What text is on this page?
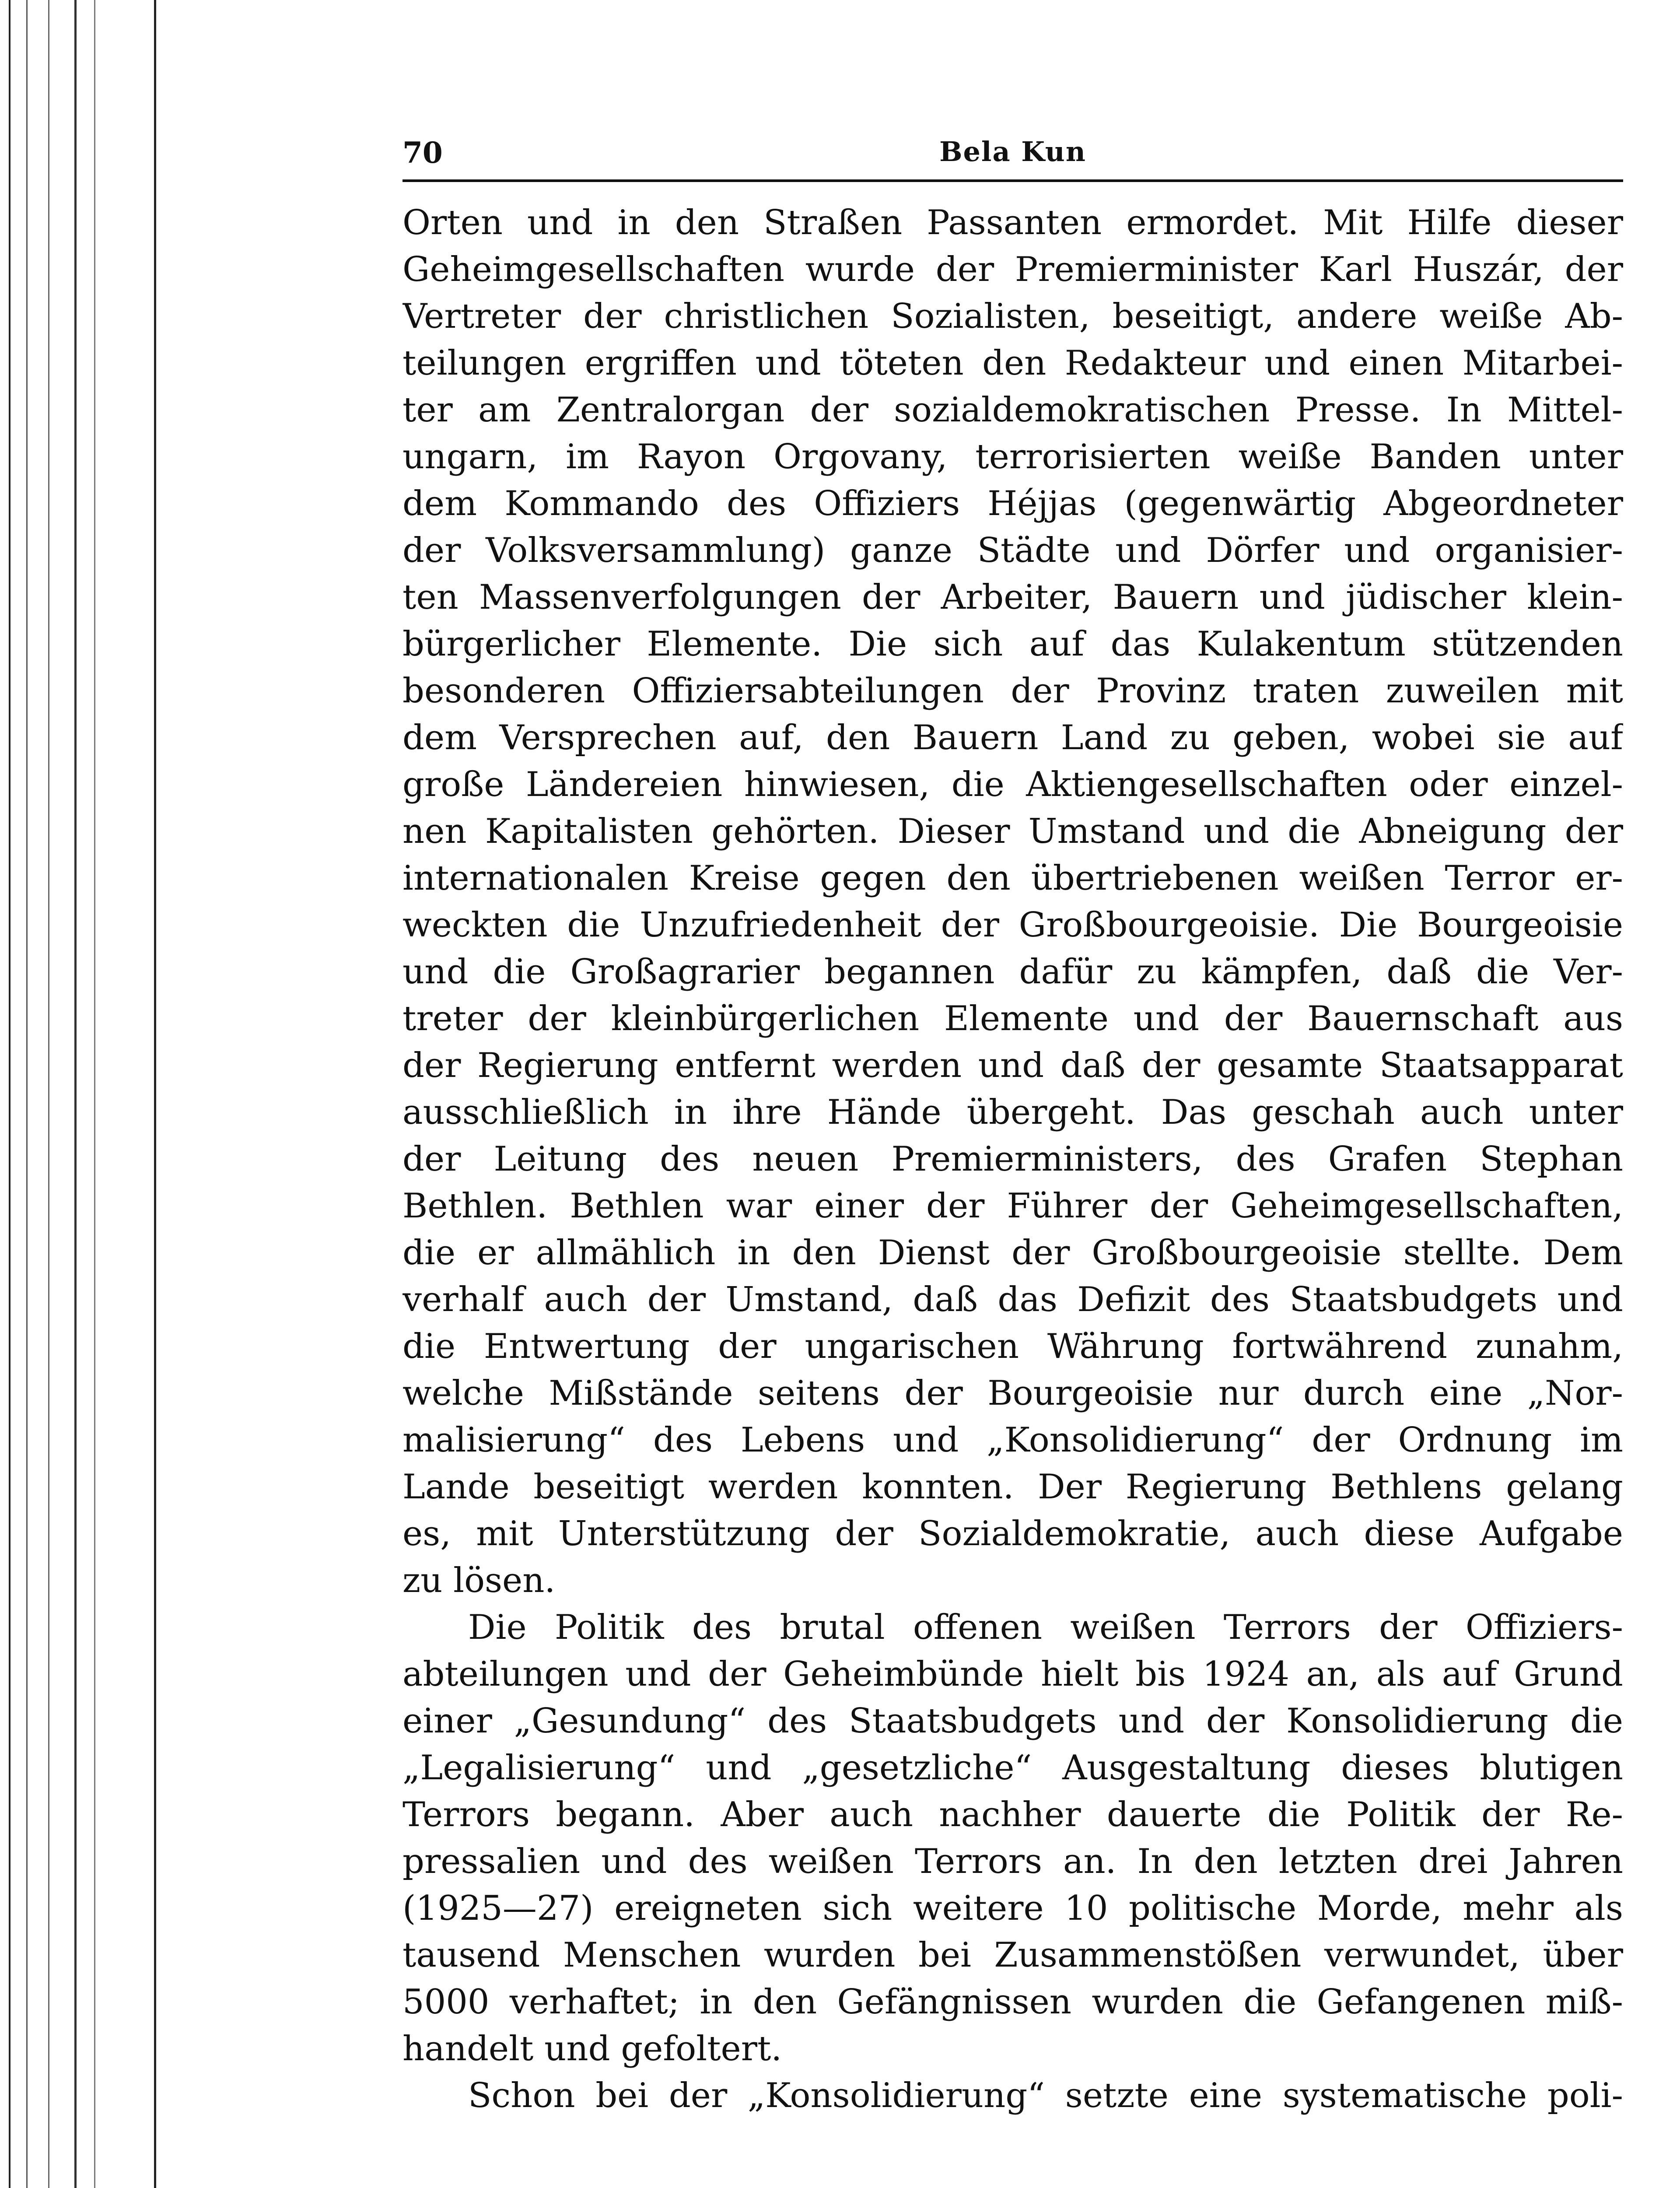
70	Bela Kun
Orten und in den Straßen Passanten ermordet. Mit Hilfe dieser
Geheimgesellschaften wurde der Premierminister Karl Huszár, der
Vertreter der christlichen Sozialisten, beseitigt, andere weiße Ab-
teilungen ergriffen und töteten den Redakteur und einen Mitarbei-
ter am Zentralorgan der sozialdemokratischen Presse. In Mittel-
ungarn, im Rayon Orgovany, terrorisierten weiße Banden unter
dem Kommando des Offiziers Héjjas (gegenwärtig Abgeordneter
der Volksversammlung) ganze Städte und Dörfer und organisier-
ten Massenverfolgungen der Arbeiter, Bauern und jüdischer klein-
bürgerlicher Elemente. Die sich auf das Kulakentum stützenden
besonderen Offiziersabteilungen der Provinz traten zuweilen mit
dem Versprechen auf, den Bauern Land zu geben, wobei sie auf
große Ländereien hinwiesen, die Aktiengesellschaften oder einzel-
nen Kapitalisten gehörten. Dieser Umstand und die Abneigung der
internationalen Kreise gegen den übertriebenen weißen Terror er-
weckten die Unzufriedenheit der Großbourgeoisie. Die Bourgeoisie
und die Großagrarier begannen dafür zu kämpfen, daß die Ver-
treter der kleinbürgerlichen Elemente und der Bauernschaft aus
der Regierung entfernt werden und daß der gesamte Staatsapparat
ausschließlich in ihre Hände übergeht. Das geschah auch unter
der Leitung des neuen Premierministers, des Grafen Stephan
Bethlen. Bethlen war einer der Führer der Geheimgesellschaften,
die er allmählich in den Dienst der Großbourgeoisie stellte. Dem
verhalf auch der Umstand, daß das Defizit des Staatsbudgets und
die Entwertung der ungarischen Währung fortwährend zunahm,
welche Mißstände seitens der Bourgeoisie nur durch eine „Nor-
malisierung“ des Lebens und „Konsolidierung“ der Ordnung im
Lande beseitigt werden konnten. Der Regierung Bethlens gelang
es, mit Unterstützung der Sozialdemokratie, auch diese Aufgabe
zu lösen.
Die Politik des brutal offenen weißen Terrors der Offiziers-
abteilungen und der Geheimbünde hielt bis 1924 an, als auf Grund
einer „Gesundung“ des Staatsbudgets und der Konsolidierung die
„Legalisierung“ und „gesetzliche“ Ausgestaltung dieses blutigen
Terrors begann. Aber auch nachher dauerte die Politik der Re-
pressalien und des weißen Terrors an. In den letzten drei Jahren
(1925—27) ereigneten sich weitere 10 politische Morde, mehr als
tausend Menschen wurden bei Zusammenstößen verwundet, über
5000 verhaftet; in den Gefängnissen wurden die Gefangenen miß-
handelt und gefoltert.
Schon bei der „Konsolidierung“ setzte eine systematische poli-
